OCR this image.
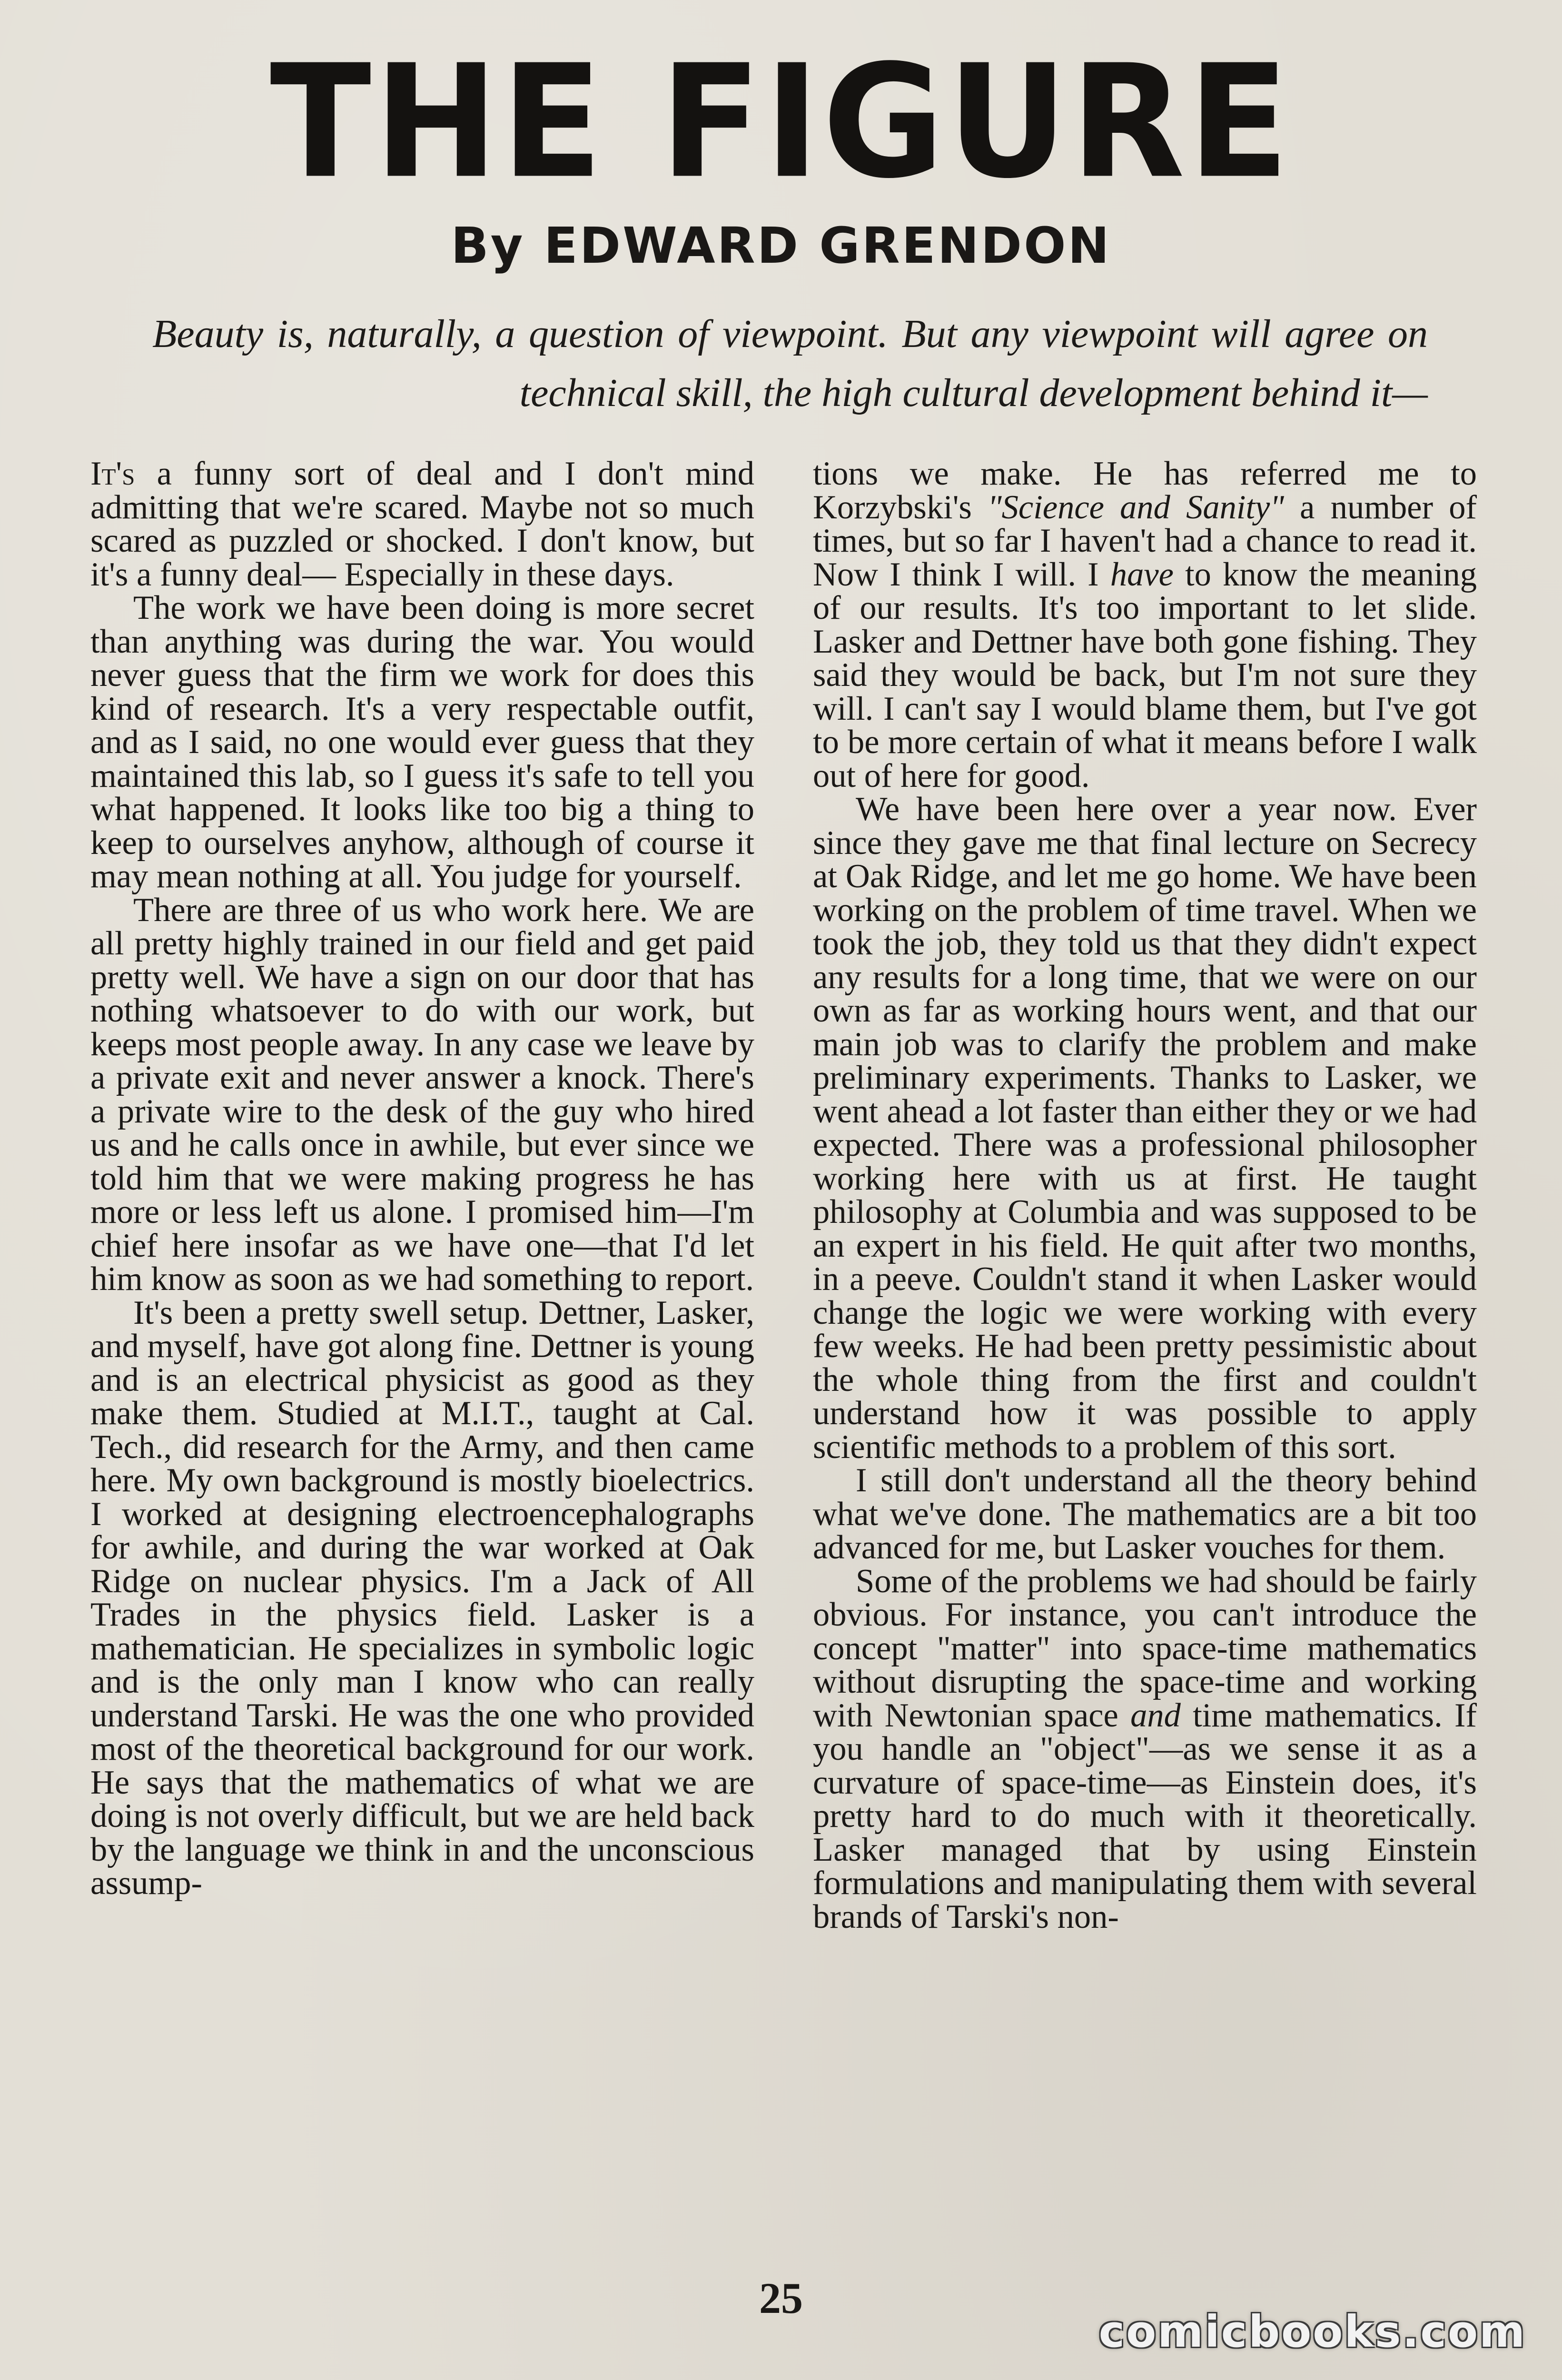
THE FIGURE
By EDWARD GRENDON
Beauty is, naturally, a question of viewpoint. But any viewpoint will agree on technical skill, the high cultural development behind it—

It's a funny sort of deal and I don't mind admitting that we're scared. Maybe not so much scared as puzzled or shocked. I don't know, but it's a funny deal— Especially in these days.

The work we have been doing is more secret than anything was during the war. You would never guess that the firm we work for does this kind of research. It's a very respectable outfit, and as I said, no one would ever guess that they maintained this lab, so I guess it's safe to tell you what happened. It looks like too big a thing to keep to ourselves anyhow, although of course it may mean nothing at all. You judge for yourself.

There are three of us who work here. We are all pretty highly trained in our field and get paid pretty well. We have a sign on our door that has nothing whatsoever to do with our work, but keeps most people away. In any case we leave by a private exit and never answer a knock. There's a private wire to the desk of the guy who hired us and he calls once in awhile, but ever since we told him that we were making progress he has more or less left us alone. I promised him—I'm chief here insofar as we have one—that I'd let him know as soon as we had something to report.

It's been a pretty swell setup. Dettner, Lasker, and myself, have got along fine. Dettner is young and is an electrical physicist as good as they make them. Studied at M.I.T., taught at Cal. Tech., did research for the Army, and then came here. My own background is mostly bioelectrics. I worked at designing electroencephalographs for awhile, and during the war worked at Oak Ridge on nuclear physics. I'm a Jack of All Trades in the physics field. Lasker is a mathematician. He specializes in symbolic logic and is the only man I know who can really understand Tarski. He was the one who provided most of the theoretical background for our work. He says that the mathematics of what we are doing is not overly difficult, but we are held back by the language we think in and the unconscious assump-

tions we make. He has referred me to Korzybski's "Science and Sanity" a number of times, but so far I haven't had a chance to read it. Now I think I will. I have to know the meaning of our results. It's too important to let slide. Lasker and Dettner have both gone fishing. They said they would be back, but I'm not sure they will. I can't say I would blame them, but I've got to be more certain of what it means before I walk out of here for good.

We have been here over a year now. Ever since they gave me that final lecture on Secrecy at Oak Ridge, and let me go home. We have been working on the problem of time travel. When we took the job, they told us that they didn't expect any results for a long time, that we were on our own as far as working hours went, and that our main job was to clarify the problem and make preliminary experiments. Thanks to Lasker, we went ahead a lot faster than either they or we had expected. There was a professional philosopher working here with us at first. He taught philosophy at Columbia and was supposed to be an expert in his field. He quit after two months, in a peeve. Couldn't stand it when Lasker would change the logic we were working with every few weeks. He had been pretty pessimistic about the whole thing from the first and couldn't understand how it was possible to apply scientific methods to a problem of this sort.

I still don't understand all the theory behind what we've done. The mathematics are a bit too advanced for me, but Lasker vouches for them.

Some of the problems we had should be fairly obvious. For instance, you can't introduce the concept "matter" into space-time mathematics without disrupting the space-time and working with Newtonian space and time mathematics. If you handle an "object"—as we sense it as a curvature of space-time—as Einstein does, it's pretty hard to do much with it theoretically. Lasker managed that by using Einstein formulations and manipulating them with several brands of Tarski's non-

25
comicbooks.com
